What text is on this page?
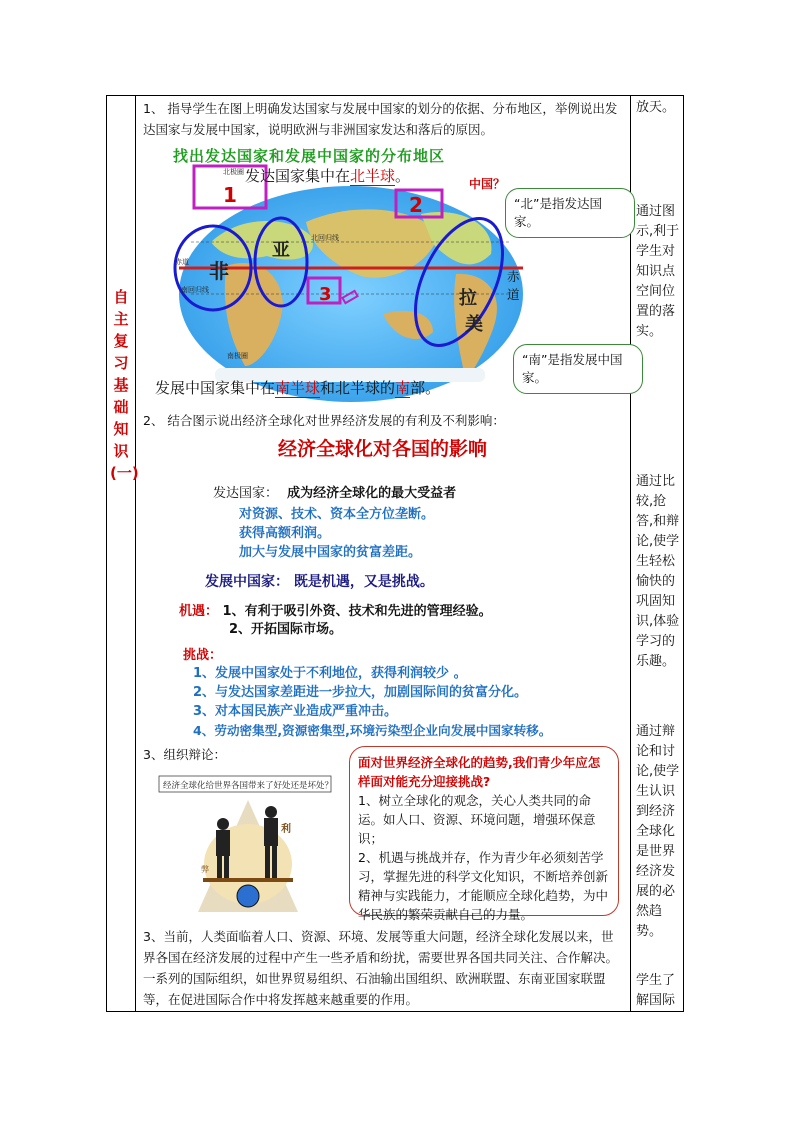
自主复习基础知识(一)
1、 指导学生在图上明确发达国家与发展中国家的划分的依据、分布地区，举例说出发达国家与发展中国家，说明欧洲与非洲国家发达和落后的原因。
非
亚
拉
美
1	2
3
北极圈
北回归线
赤道
南回归线
南极圈
找出发达国家和发展中国家的分布地区
发达国家集中在北半球。	中国？
赤
道
发展中国家集中在南半球和北半球的南部。
“北”是指发达国家。
“南”是指发展中国家。
2、 结合图示说出经济全球化对世界经济发展的有利及不利影响：
经济全球化对各国的影响
发达国家： 成为经济全球化的最大受益者
对资源、技术、资本全方位垄断。
获得高额利润。
加大与发展中国家的贫富差距。
发展中国家： 既是机遇，又是挑战。
机遇： 1、有利于吸引外资、技术和先进的管理经验。
2、开拓国际市场。
挑战：
1、发展中国家处于不利地位，获得利润较少 。
2、与发达国家差距进一步拉大，加剧国际间的贫富分化。
3、对本国民族产业造成严重冲击。
4、劳动密集型,资源密集型,环境污染型企业向发展中国家转移。
3、组织辩论：
经济全球化给世界各国带来了好处还是坏处？
利
弊
面对世界经济全球化的趋势,我们青少年应怎样面对能充分迎接挑战?
1、树立全球化的观念，关心人类共同的命运。如人口、资源、环境问题，增强环保意识；
2、机遇与挑战并存，作为青少年必须刻苦学习，掌握先进的科学文化知识，不断培养创新精神与实践能力，才能顺应全球化趋势，为中华民族的繁荣贡献自己的力量。
3、当前，人类面临着人口、资源、环境、发展等重大问题，经济全球化发展以来，世界各国在经济发展的过程中产生一些矛盾和纷扰，需要世界各国共同关注、合作解决。一系列的国际组织，如世界贸易组织、石油输出国组织、欧洲联盟、东南亚国家联盟等，在促进国际合作中将发挥越来越重要的作用。
放天。
通过图示,利于学生对知识点空间位置的落实。
通过比较,抢答,和辩论,使学生轻松愉快的巩固知识,体验学习的乐趣。
通过辩论和讨论,使学生认识到经济全球化是世界经济发展的必然趋势。
学生了解国际
